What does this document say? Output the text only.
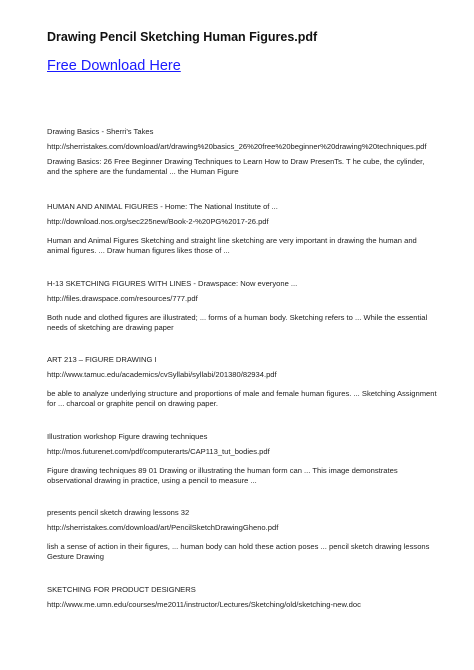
Drawing Pencil Sketching Human Figures.pdf
Free Download Here
Drawing Basics - Sherri's Takes
http://sherristakes.com/download/art/drawing%20basics_26%20free%20beginner%20drawing%20techniques.pdf
Drawing Basics: 26 Free Beginner Drawing Techniques to Learn How to Draw PresenTs. T he cube, the cylinder, and the sphere are the fundamental ... the Human Figure
HUMAN AND ANIMAL FIGURES - Home: The National Institute of ...
http://download.nos.org/sec225new/Book-2-%20PG%2017-26.pdf
Human and Animal Figures Sketching and straight line sketching are very important in drawing the human and animal figures. ... Draw human figures likes those of ...
H-13 SKETCHING FIGURES WITH LINES - Drawspace: Now everyone ...
http://files.drawspace.com/resources/777.pdf
Both nude and clothed figures are illustrated; ... forms of a human body. Sketching refers to ... While the essential needs of sketching are drawing paper
ART 213 – FIGURE DRAWING I
http://www.tamuc.edu/academics/cvSyllabi/syllabi/201380/82934.pdf
be able to analyze underlying structure and proportions of male and female human figures. ... Sketching Assignment for ... charcoal or graphite pencil on drawing paper.
Illustration workshop Figure drawing techniques
http://mos.futurenet.com/pdf/computerarts/CAP113_tut_bodies.pdf
Figure drawing techniques 89 01 Drawing or illustrating the human form can ... This image demonstrates observational drawing in practice, using a pencil to measure ...
presents pencil sketch drawing lessons 32
http://sherristakes.com/download/art/PencilSketchDrawingGheno.pdf
lish a sense of action in their figures, ... human body can hold these action poses ... pencil sketch drawing lessons Gesture Drawing
SKETCHING FOR PRODUCT DESIGNERS
http://www.me.umn.edu/courses/me2011/instructor/Lectures/Sketching/old/sketching-new.doc
